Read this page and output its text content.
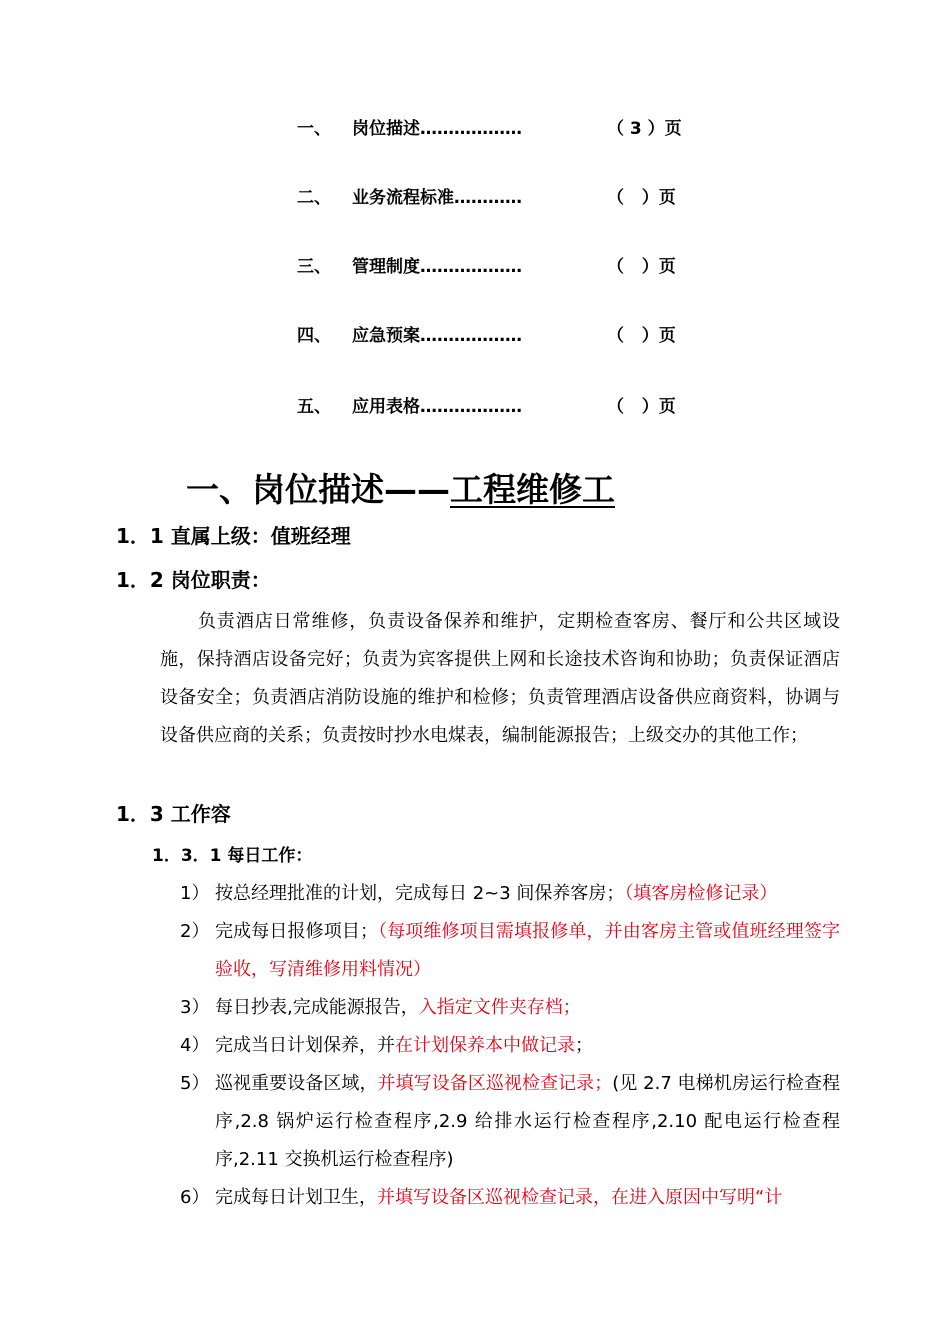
一、 岗位描述………………	（ 3 ）页
二、 业务流程标准…………	（   ）页
三、 管理制度………………	（   ）页
四、 应急预案………………	（   ）页
五、 应用表格………………	（   ）页
一、岗位描述——工程维修工
1．1 直属上级：值班经理
1．2 岗位职责：

负责酒店日常维修，负责设备保养和维护，定期检查客房、餐厅和公共区域设施，保持酒店设备完好；负责为宾客提供上网和长途技术咨询和协助；负责保证酒店设备安全；负责酒店消防设施的维护和检修；负责管理酒店设备供应商资料，协调与设备供应商的关系；负责按时抄水电煤表，编制能源报告；上级交办的其他工作；

1．3 工作容
1．3．1 每日工作：
1） 按总经理批准的计划，完成每日 2~3 间保养客房；（填客房检修记录）
2） 完成每日报修项目；（每项维修项目需填报修单，并由客房主管或值班经理签字验收，写清维修用料情况）
3） 每日抄表,完成能源报告，入指定文件夹存档；
4） 完成当日计划保养，并在计划保养本中做记录；
5） 巡视重要设备区域，并填写设备区巡视检查记录；(见 2.7 电梯机房运行检查程序,2.8 锅炉运行检查程序,2.9 给排水运行检查程序,2.10 配电运行检查程序,2.11 交换机运行检查程序)
6） 完成每日计划卫生，并填写设备区巡视检查记录，在进入原因中写明“计
